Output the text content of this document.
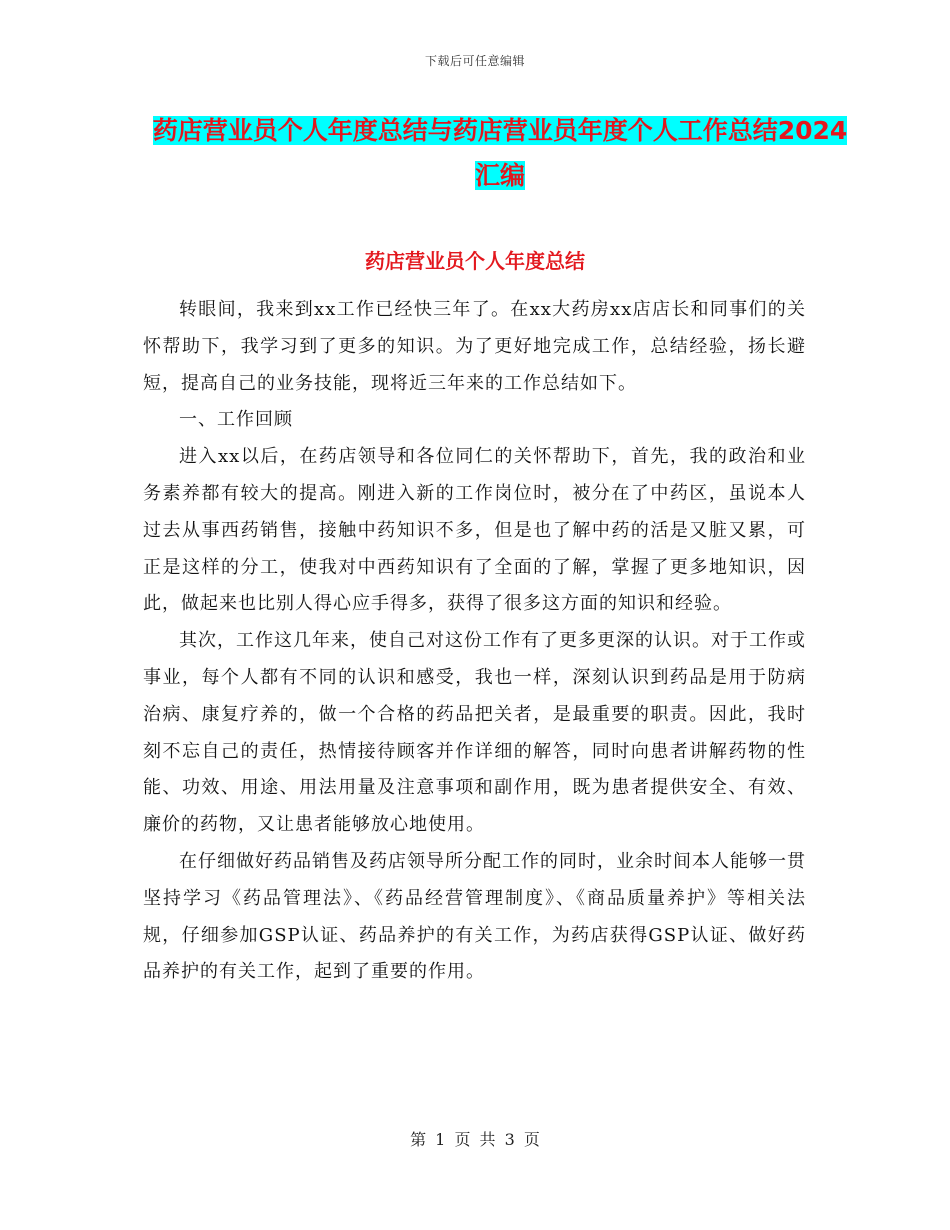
下载后可任意编辑
药店营业员个人年度总结与药店营业员年度个人工作总结2024汇编
药店营业员个人年度总结

转眼间，我来到xx工作已经快三年了。在xx大药房xx店店长和同事们的关怀帮助下，我学习到了更多的知识。为了更好地完成工作，总结经验，扬长避短，提高自己的业务技能，现将近三年来的工作总结如下。

一、工作回顾

进入xx以后，在药店领导和各位同仁的关怀帮助下，首先，我的政治和业务素养都有较大的提高。刚进入新的工作岗位时，被分在了中药区，虽说本人过去从事西药销售，接触中药知识不多，但是也了解中药的活是又脏又累，可正是这样的分工，使我对中西药知识有了全面的了解，掌握了更多地知识，因此，做起来也比别人得心应手得多，获得了很多这方面的知识和经验。

其次，工作这几年来，使自己对这份工作有了更多更深的认识。对于工作或事业，每个人都有不同的认识和感受，我也一样，深刻认识到药品是用于防病治病、康复疗养的，做一个合格的药品把关者，是最重要的职责。因此，我时刻不忘自己的责任，热情接待顾客并作详细的解答，同时向患者讲解药物的性能、功效、用途、用法用量及注意事项和副作用，既为患者提供安全、有效、廉价的药物，又让患者能够放心地使用。

在仔细做好药品销售及药店领导所分配工作的同时，业余时间本人能够一贯坚持学习《药品管理法》、《药品经营管理制度》、《商品质量养护》等相关法规，仔细参加GSP认证、药品养护的有关工作，为药店获得GSP认证、做好药品养护的有关工作，起到了重要的作用。

第 1 页 共 3 页
